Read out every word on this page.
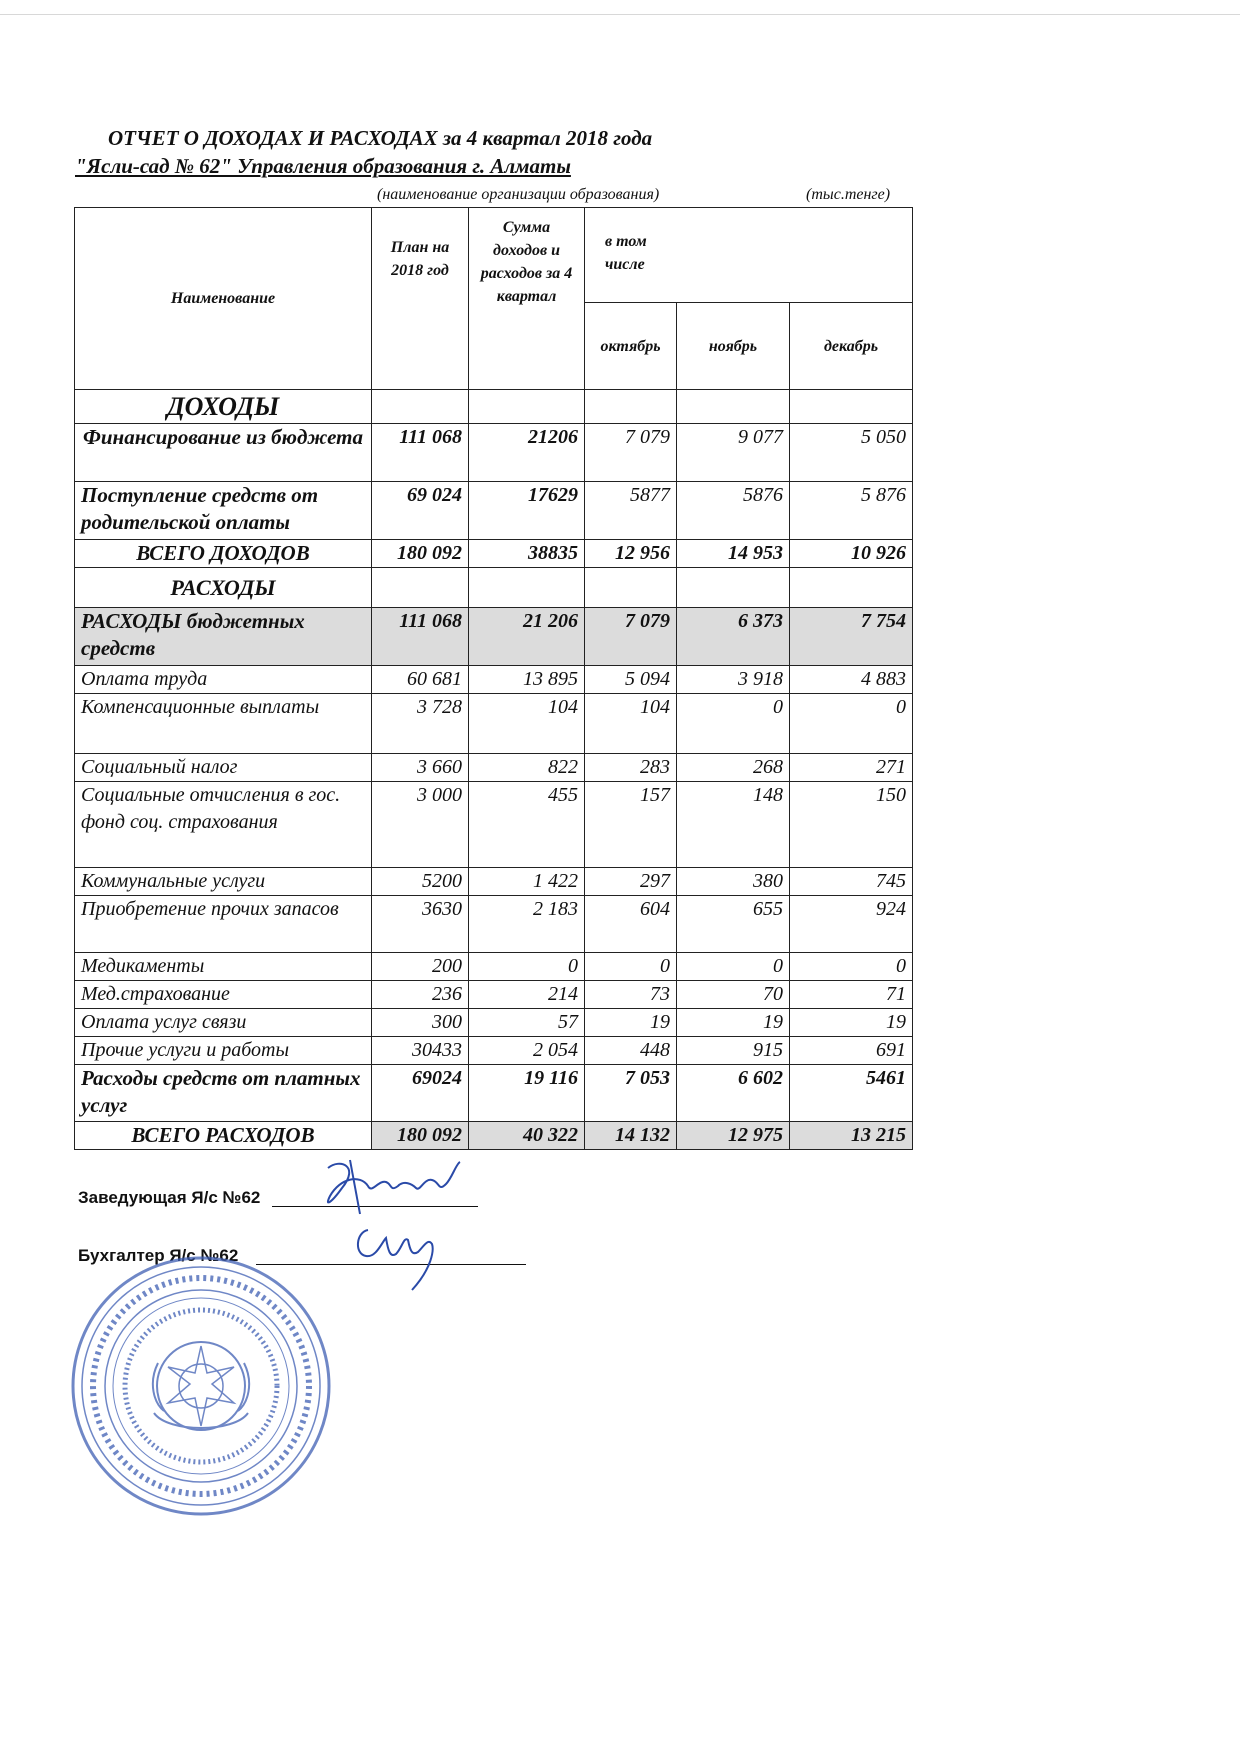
ОТЧЕТ О ДОХОДАХ И РАСХОДАХ за 4 квартал 2018 года
"Ясли-сад № 62" Управления образования г. Алматы
(наименование организации образования)	(тыс.тенге)
Наименование	План на 2018 год	Сумма доходов и расходов за 4 квартал	в том числе		

			октябрь	ноябрь	декабрь
ДОХОДЫ					
Финансирование из бюджета	111 068	21206	7 079	9 077	5 050
Поступление средств от родительской оплаты	69 024	17629	5877	5876	5 876
ВСЕГО ДОХОДОВ	180 092	38835	12 956	14 953	10 926
РАСХОДЫ					
РАСХОДЫ бюджетных средств	111 068	21 206	7 079	6 373	7 754
Оплата труда	60 681	13 895	5 094	3 918	4 883
Компенсационные выплаты	3 728	104	104	0	0
Социальный налог	3 660	822	283	268	271
Социальные отчисления в гос. фонд соц. страхования	3 000	455	157	148	150
Коммунальные услуги	5200	1 422	297	380	745
Приобретение прочих запасов	3630	2 183	604	655	924
Медикаменты	200	0	0	0	0
Мед.страхование	236	214	73	70	71
Оплата услуг связи	300	57	19	19	19
Прочие услуги и работы	30433	2 054	448	915	691
Расходы средств от платных услуг	69024	19 116	7 053	6 602	5461
ВСЕГО РАСХОДОВ	180 092	40 322	14 132	12 975	13 215
Заведующая Я/с №62
Бухгалтер Я/с №62
